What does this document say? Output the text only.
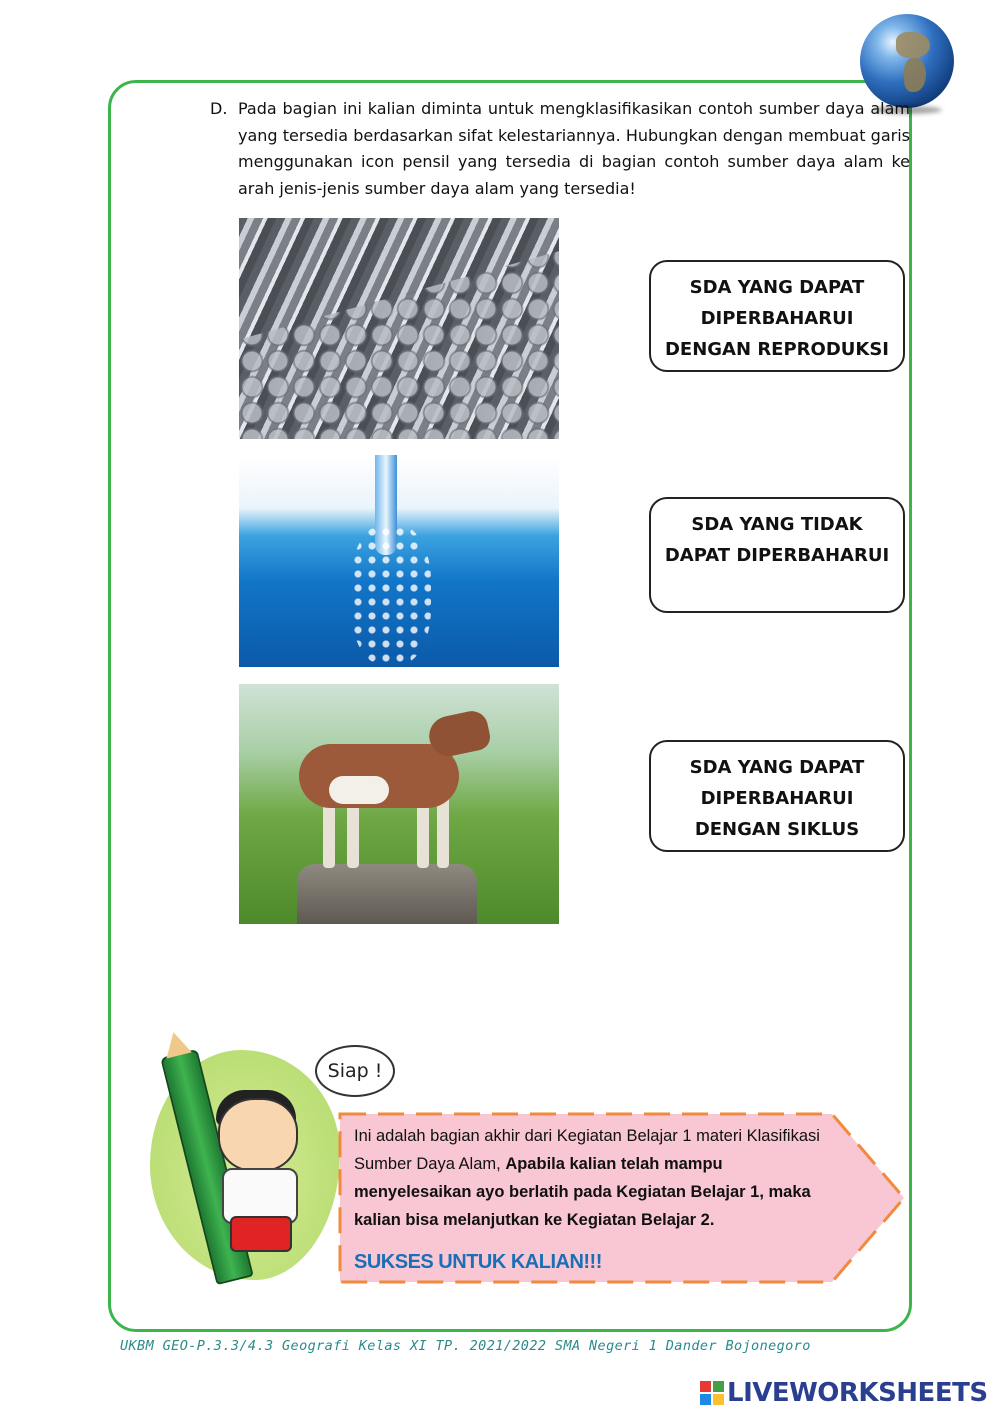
D. Pada bagian ini kalian diminta untuk mengklasifikasikan contoh sumber daya alam yang tersedia berdasarkan sifat kelestariannya. Hubungkan dengan membuat garis menggunakan icon pensil yang tersedia di bagian contoh sumber daya alam ke arah jenis-jenis sumber daya alam yang tersedia!
SDA YANG DAPAT DIPERBAHARUI DENGAN REPRODUKSI
SDA YANG TIDAK DAPAT DIPERBAHARUI
SDA YANG DAPAT DIPERBAHARUI DENGAN SIKLUS
Siap !
Ini adalah bagian akhir dari Kegiatan Belajar 1 materi Klasifikasi Sumber Daya Alam, Apabila kalian telah mampu menyelesaikan ayo berlatih pada Kegiatan Belajar 1, maka kalian bisa melanjutkan ke Kegiatan Belajar 2.
SUKSES UNTUK KALIAN!!!
UKBM GEO-P.3.3/4.3 Geografi Kelas XI TP. 2021/2022 SMA Negeri 1 Dander Bojonegoro
LIVEWORKSHEETS
